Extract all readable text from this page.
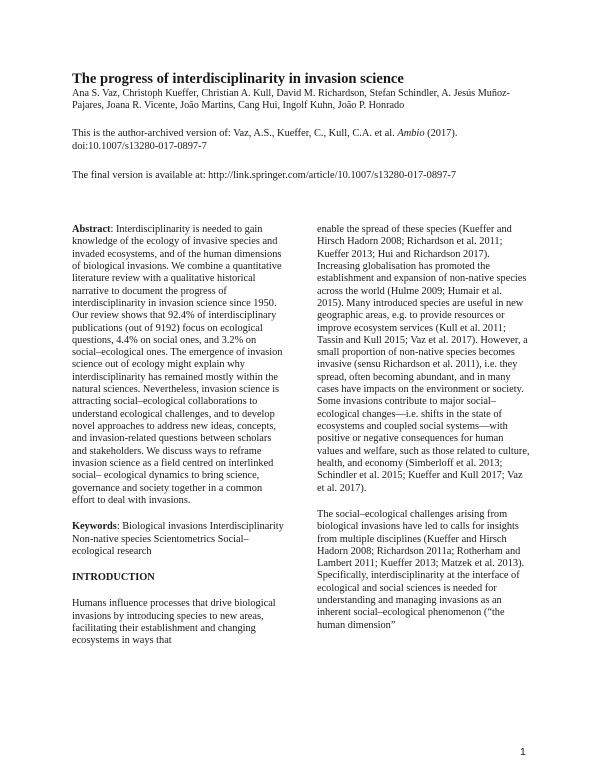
The progress of interdisciplinarity in invasion science

Ana S. Vaz, Christoph Kueffer, Christian A. Kull, David M. Richardson, Stefan Schindler, A. Jesús Muñoz-Pajares, Joana R. Vicente, João Martins, Cang Hui, Ingolf Kuhn, João P. Honrado

This is the author-archived version of: Vaz, A.S., Kueffer, C., Kull, C.A. et al. Ambio (2017).
doi:10.1007/s13280-017-0897-7

The final version is available at: http://link.springer.com/article/10.1007/s13280-017-0897-7

Abstract: Interdisciplinarity is needed to gain knowledge of the ecology of invasive species and invaded ecosystems, and of the human dimensions of biological invasions. We combine a quantitative literature review with a qualitative historical narrative to document the progress of interdisciplinarity in invasion science since 1950. Our review shows that 92.4% of interdisciplinary publications (out of 9192) focus on ecological questions, 4.4% on social ones, and 3.2% on social–ecological ones. The emergence of invasion science out of ecology might explain why interdisciplinarity has remained mostly within the natural sciences. Nevertheless, invasion science is attracting social–ecological collaborations to understand ecological challenges, and to develop novel approaches to address new ideas, concepts, and invasion-related questions between scholars and stakeholders. We discuss ways to reframe invasion science as a field centred on interlinked social– ecological dynamics to bring science, governance and society together in a common effort to deal with invasions.

Keywords: Biological invasions Interdisciplinarity Non-native species Scientometrics Social–ecological research

INTRODUCTION

Humans influence processes that drive biological invasions by introducing species to new areas, facilitating their establishment and changing ecosystems in ways that

enable the spread of these species (Kueffer and Hirsch Hadorn 2008; Richardson et al. 2011; Kueffer 2013; Hui and Richardson 2017). Increasing globalisation has promoted the establishment and expansion of non-native species across the world (Hulme 2009; Humair et al. 2015). Many introduced species are useful in new geographic areas, e.g. to provide resources or improve ecosystem services (Kull et al. 2011; Tassin and Kull 2015; Vaz et al. 2017). However, a small proportion of non-native species becomes invasive (sensu Richardson et al. 2011), i.e. they spread, often becoming abundant, and in many cases have impacts on the environment or society. Some invasions contribute to major social–ecological changes—i.e. shifts in the state of ecosystems and coupled social systems—with positive or negative consequences for human values and welfare, such as those related to culture, health, and economy (Simberloff et al. 2013; Schindler et al. 2015; Kueffer and Kull 2017; Vaz et al. 2017).

The social–ecological challenges arising from biological invasions have led to calls for insights from multiple disciplines (Kueffer and Hirsch Hadorn 2008; Richardson 2011a; Rotherham and Lambert 2011; Kueffer 2013; Matzek et al. 2013). Specifically, interdisciplinarity at the interface of ecological and social sciences is needed for understanding and managing invasions as an inherent social–ecological phenomenon (“the human dimension”

1
